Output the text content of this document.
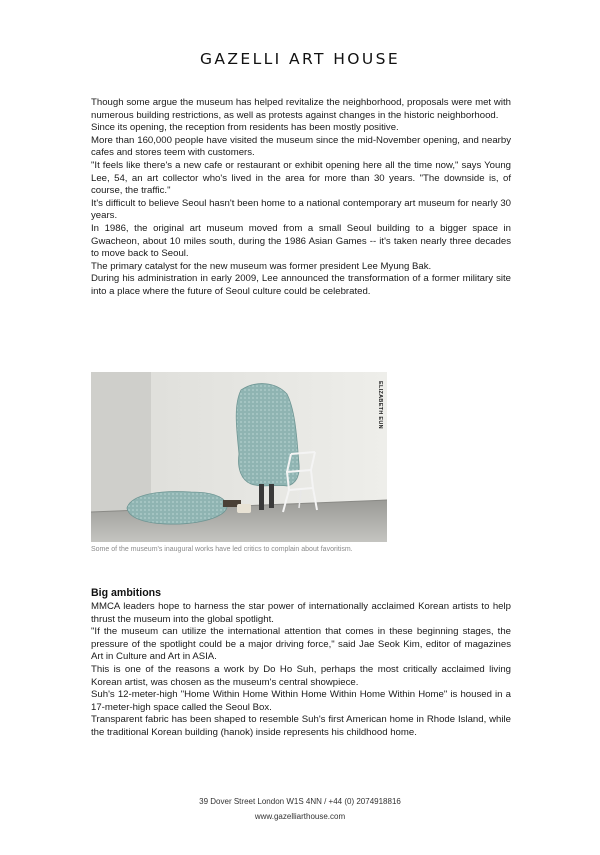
GAZELLI ART HOUSE

Though some argue the museum has helped revitalize the neighborhood, proposals were met with numerous building restrictions, as well as protests against changes in the historic neighborhood.

Since its opening, the reception from residents has been mostly positive.

More than 160,000 people have visited the museum since the mid-November opening, and nearby cafes and stores teem with customers.

"It feels like there's a new cafe or restaurant or exhibit opening here all the time now," says Young Lee, 54, an art collector who's lived in the area for more than 30 years. "The downside is, of course, the traffic."

It's difficult to believe Seoul hasn't been home to a national contemporary art museum for nearly 30 years.

In 1986, the original art museum moved from a small Seoul building to a bigger space in Gwacheon, about 10 miles south, during the 1986 Asian Games -- it's taken nearly three decades to move back to Seoul.

The primary catalyst for the new museum was former president Lee Myung Bak.

During his administration in early 2009, Lee announced the transformation of a former military site into a place where the future of Seoul culture could be celebrated.

ELIZABETH EUN
Some of the museum's inaugural works have led critics to complain about favoritism.
Big ambitions

MMCA leaders hope to harness the star power of internationally acclaimed Korean artists to help thrust the museum into the global spotlight.

"If the museum can utilize the international attention that comes in these beginning stages, the pressure of the spotlight could be a major driving force," said Jae Seok Kim, editor of magazines Art in Culture and Art in ASIA.

This is one of the reasons a work by Do Ho Suh, perhaps the most critically acclaimed living Korean artist, was chosen as the museum's central showpiece.

Suh's 12-meter-high "Home Within Home Within Home Within Home Within Home" is housed in a 17-meter-high space called the Seoul Box.

Transparent fabric has been shaped to resemble Suh's first American home in Rhode Island, while the traditional Korean building (hanok) inside represents his childhood home.

39 Dover Street London W1S 4NN / +44 (0) 2074918816
www.gazelliarthouse.com
